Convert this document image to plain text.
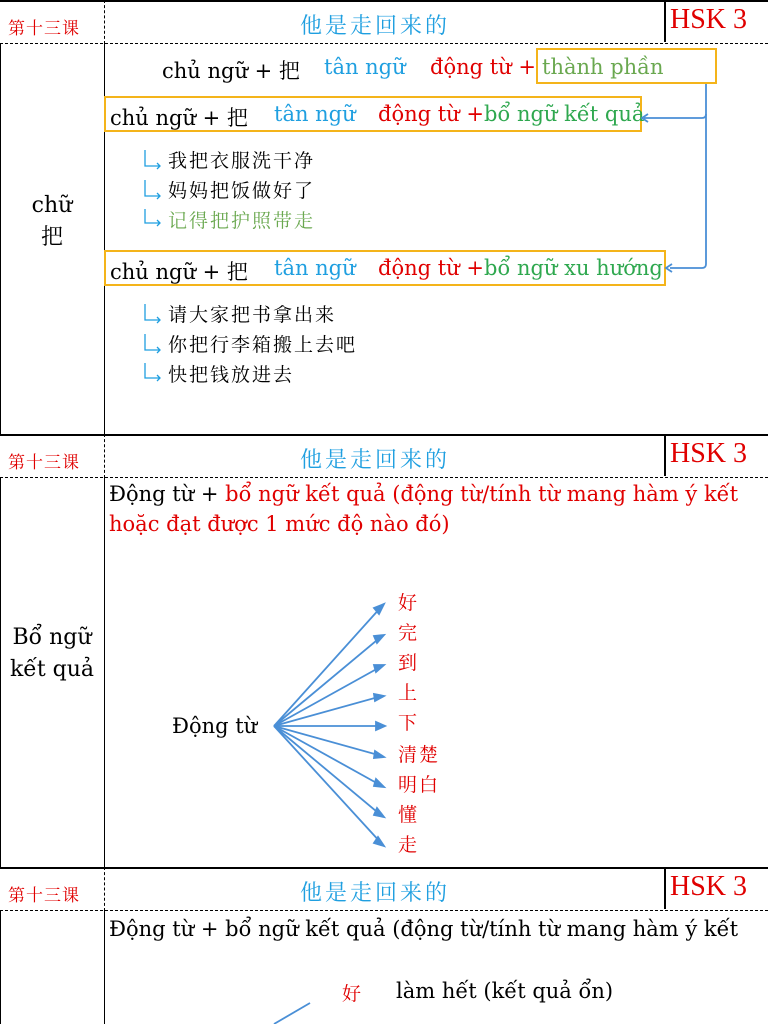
第十三课	他是走回来的	HSK 3
chữ
把
chủ ngữ + 把 tân ngữ động từ + thành phần
chủ ngữ + 把 tân ngữ động từ + bổ ngữ kết quả
我把衣服洗干净
妈妈把饭做好了
记得把护照带走
chủ ngữ + 把 tân ngữ động từ + bổ ngữ xu hướng
请大家把书拿出来
你把行李箱搬上去吧
快把钱放进去
第十三课	他是走回来的	HSK 3
Bổ ngữ
kết quả
Động từ + bổ ngữ kết quả (động từ/tính từ mang hàm ý kết
hoặc đạt được 1 mức độ nào đó)
Động từ
好
完
到
上
下
清楚
明白
懂
走
第十三课	他是走回来的	HSK 3
Động từ + bổ ngữ kết quả (động từ/tính từ mang hàm ý kết
好 làm hết (kết quả ổn)
